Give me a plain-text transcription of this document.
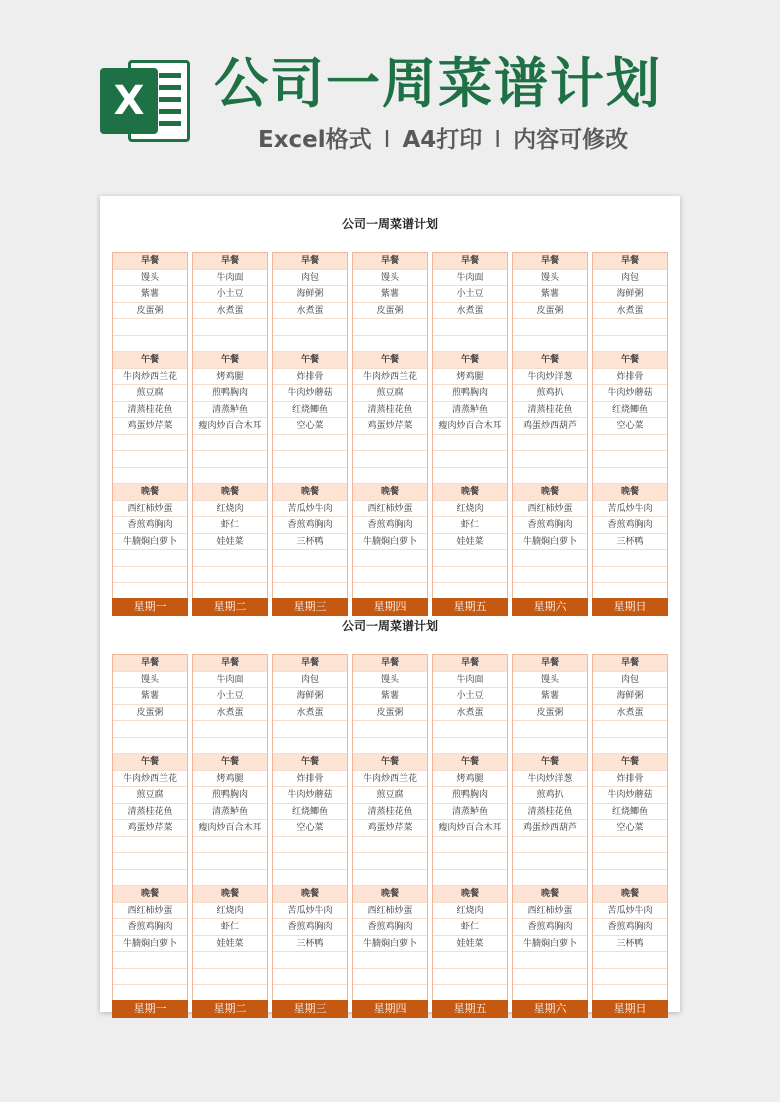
X 公司一周菜谱计划
Excel格式 I A4打印 I 内容可修改
公司一周菜谱计划
早餐
馒头
紫薯
皮蛋粥
午餐
牛肉炒西兰花
煎豆腐
清蒸桂花鱼
鸡蛋炒芹菜
晚餐
西红柿炒蛋
香煎鸡胸肉
牛腩焖白萝卜
星期一
早餐
牛肉面
小土豆
水煮蛋
午餐
烤鸡腿
煎鸭胸肉
清蒸鲈鱼
瘦肉炒百合木耳
晚餐
红烧肉
虾仁
娃娃菜
星期二
早餐
肉包
海鲜粥
水煮蛋
午餐
炸排骨
牛肉炒蘑菇
红烧鲫鱼
空心菜
晚餐
苦瓜炒牛肉
香煎鸡胸肉
三杯鸭
星期三
早餐
馒头
紫薯
皮蛋粥
午餐
牛肉炒西兰花
煎豆腐
清蒸桂花鱼
鸡蛋炒芹菜
晚餐
西红柿炒蛋
香煎鸡胸肉
牛腩焖白萝卜
星期四
早餐
牛肉面
小土豆
水煮蛋
午餐
烤鸡腿
煎鸭胸肉
清蒸鲈鱼
瘦肉炒百合木耳
晚餐
红烧肉
虾仁
娃娃菜
星期五
早餐
馒头
紫薯
皮蛋粥
午餐
牛肉炒洋葱
煎鸡扒
清蒸桂花鱼
鸡蛋炒西葫芦
晚餐
西红柿炒蛋
香煎鸡胸肉
牛腩焖白萝卜
星期六
早餐
肉包
海鲜粥
水煮蛋
午餐
炸排骨
牛肉炒蘑菇
红烧鲫鱼
空心菜
晚餐
苦瓜炒牛肉
香煎鸡胸肉
三杯鸭
星期日
公司一周菜谱计划
早餐
馒头
紫薯
皮蛋粥
午餐
牛肉炒西兰花
煎豆腐
清蒸桂花鱼
鸡蛋炒芹菜
晚餐
西红柿炒蛋
香煎鸡胸肉
牛腩焖白萝卜
星期一
早餐
牛肉面
小土豆
水煮蛋
午餐
烤鸡腿
煎鸭胸肉
清蒸鲈鱼
瘦肉炒百合木耳
晚餐
红烧肉
虾仁
娃娃菜
星期二
早餐
肉包
海鲜粥
水煮蛋
午餐
炸排骨
牛肉炒蘑菇
红烧鲫鱼
空心菜
晚餐
苦瓜炒牛肉
香煎鸡胸肉
三杯鸭
星期三
早餐
馒头
紫薯
皮蛋粥
午餐
牛肉炒西兰花
煎豆腐
清蒸桂花鱼
鸡蛋炒芹菜
晚餐
西红柿炒蛋
香煎鸡胸肉
牛腩焖白萝卜
星期四
早餐
牛肉面
小土豆
水煮蛋
午餐
烤鸡腿
煎鸭胸肉
清蒸鲈鱼
瘦肉炒百合木耳
晚餐
红烧肉
虾仁
娃娃菜
星期五
早餐
馒头
紫薯
皮蛋粥
午餐
牛肉炒洋葱
煎鸡扒
清蒸桂花鱼
鸡蛋炒西葫芦
晚餐
西红柿炒蛋
香煎鸡胸肉
牛腩焖白萝卜
星期六
早餐
肉包
海鲜粥
水煮蛋
午餐
炸排骨
牛肉炒蘑菇
红烧鲫鱼
空心菜
晚餐
苦瓜炒牛肉
香煎鸡胸肉
三杯鸭
星期日
